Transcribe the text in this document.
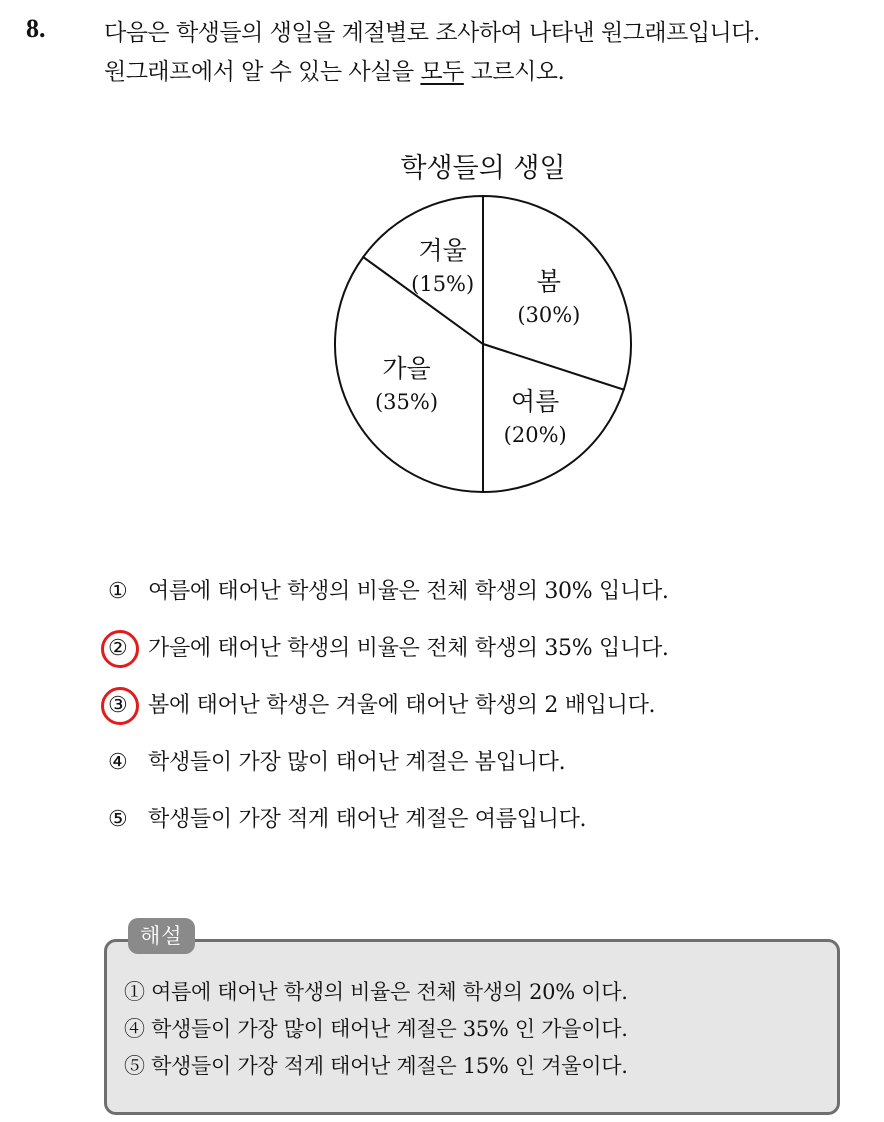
8.	다음은 학생들의 생일을 계절별로 조사하여 나타낸 원그래프입니다.
원그래프에서 알 수 있는 사실을 모두 고르시오.
학생들의 생일
봄
(30%)
여름
(20%)
가을
(35%)
겨울
(15%)
① 여름에 태어난 학생의 비율은 전체 학생의 30% 입니다.
② 가을에 태어난 학생의 비율은 전체 학생의 35% 입니다.
③ 봄에 태어난 학생은 겨울에 태어난 학생의 2 배입니다.
④ 학생들이 가장 많이 태어난 계절은 봄입니다.
⑤ 학생들이 가장 적게 태어난 계절은 여름입니다.
해설
① 여름에 태어난 학생의 비율은 전체 학생의 20% 이다.
④ 학생들이 가장 많이 태어난 계절은 35% 인 가을이다.
⑤ 학생들이 가장 적게 태어난 계절은 15% 인 겨울이다.
